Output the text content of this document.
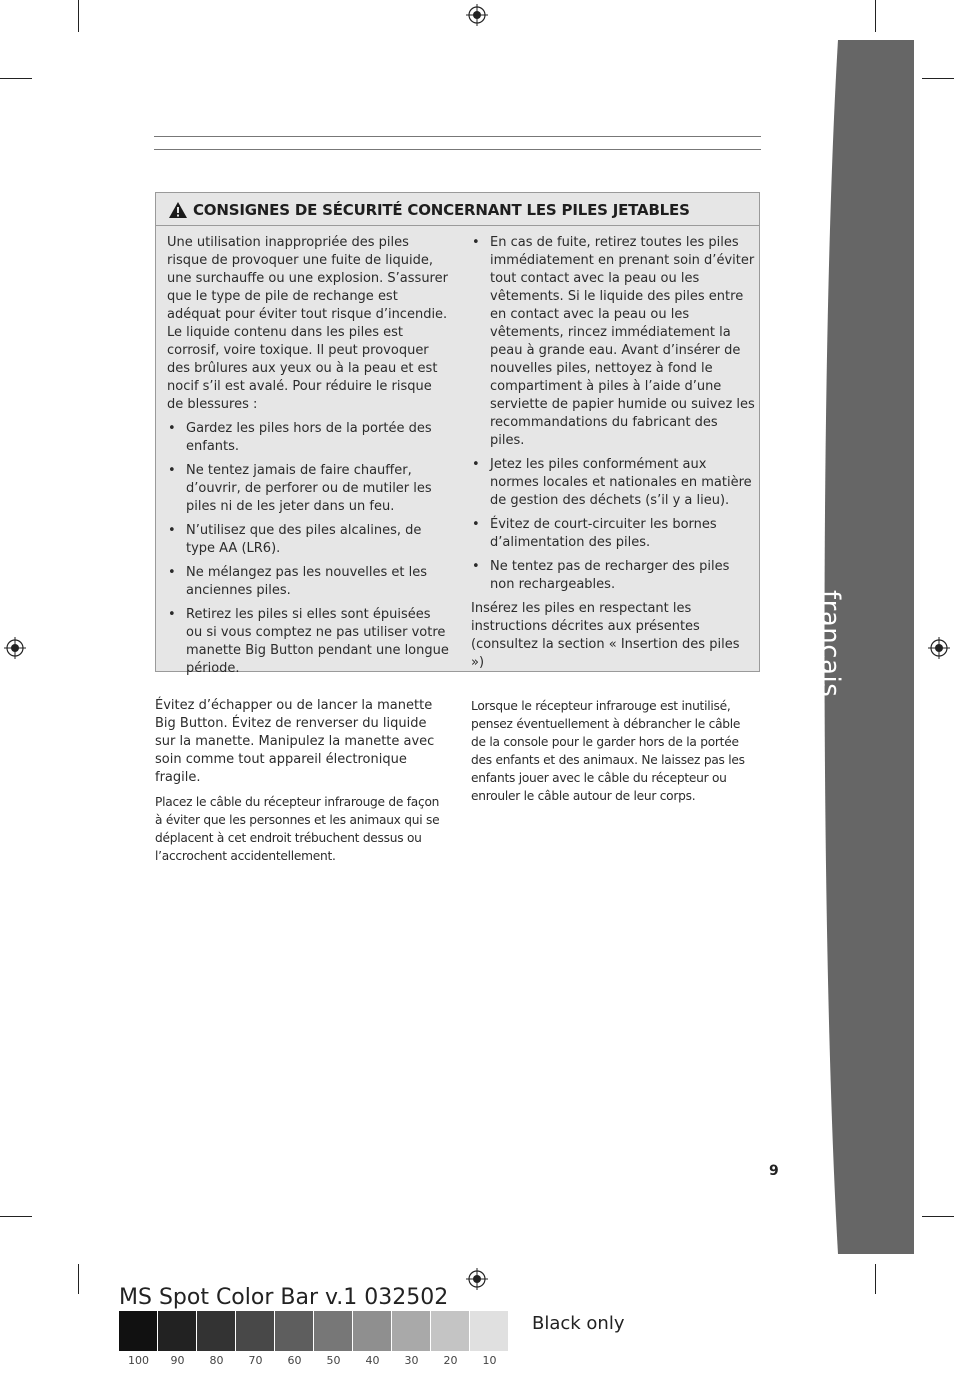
français
CONSIGNES DE SÉCURITÉ CONCERNANT LES PILES JETABLES

Une utilisation inappropriée des piles risque de provoquer une fuite de liquide, une surchauffe ou une explosion. S’assurer que le type de pile de rechange est adéquat pour éviter tout risque d’incendie. Le liquide contenu dans les piles est corrosif, voire toxique. Il peut provoquer des brûlures aux yeux ou à la peau et est nocif s’il est avalé. Pour réduire le risque de blessures :

• Gardez les piles hors de la portée des enfants.
• Ne tentez jamais de faire chauffer, d’ouvrir, de perforer ou de mutiler les piles ni de les jeter dans un feu.
• N’utilisez que des piles alcalines, de type AA (LR6).
• Ne mélangez pas les nouvelles et les anciennes piles.
• Retirez les piles si elles sont épuisées ou si vous comptez ne pas utiliser votre manette Big Button pendant une longue période.
• En cas de fuite, retirez toutes les piles immédiatement en prenant soin d’éviter tout contact avec la peau ou les vêtements. Si le liquide des piles entre en contact avec la peau ou les vêtements, rincez immédiatement la peau à grande eau. Avant d’insérer de nouvelles piles, nettoyez à fond le compartiment à piles à l’aide d’une serviette de papier humide ou suivez les recommandations du fabricant des piles.
• Jetez les piles conformément aux normes locales et nationales en matière de gestion des déchets (s’il y a lieu).
• Évitez de court-circuiter les bornes d’alimentation des piles.
• Ne tentez pas de recharger des piles non rechargeables.

Insérez les piles en respectant les instructions décrites aux présentes (consultez la section « Insertion des piles »)

Évitez d’échapper ou de lancer la manette Big Button. Évitez de renverser du liquide sur la manette. Manipulez la manette avec soin comme tout appareil électronique fragile.

Placez le câble du récepteur infrarouge de façon à éviter que les personnes et les animaux qui se déplacent à cet endroit trébuchent dessus ou l’accrochent accidentellement.

Lorsque le récepteur infrarouge est inutilisé, pensez éventuellement à débrancher le câble de la console pour le garder hors de la portée des enfants et des animaux. Ne laissez pas les enfants jouer avec le câble du récepteur ou enrouler le câble autour de leur corps.

9
MS Spot Color Bar v.1 032502
Black only
100	90	80	70	60	50	40	30	20	10
